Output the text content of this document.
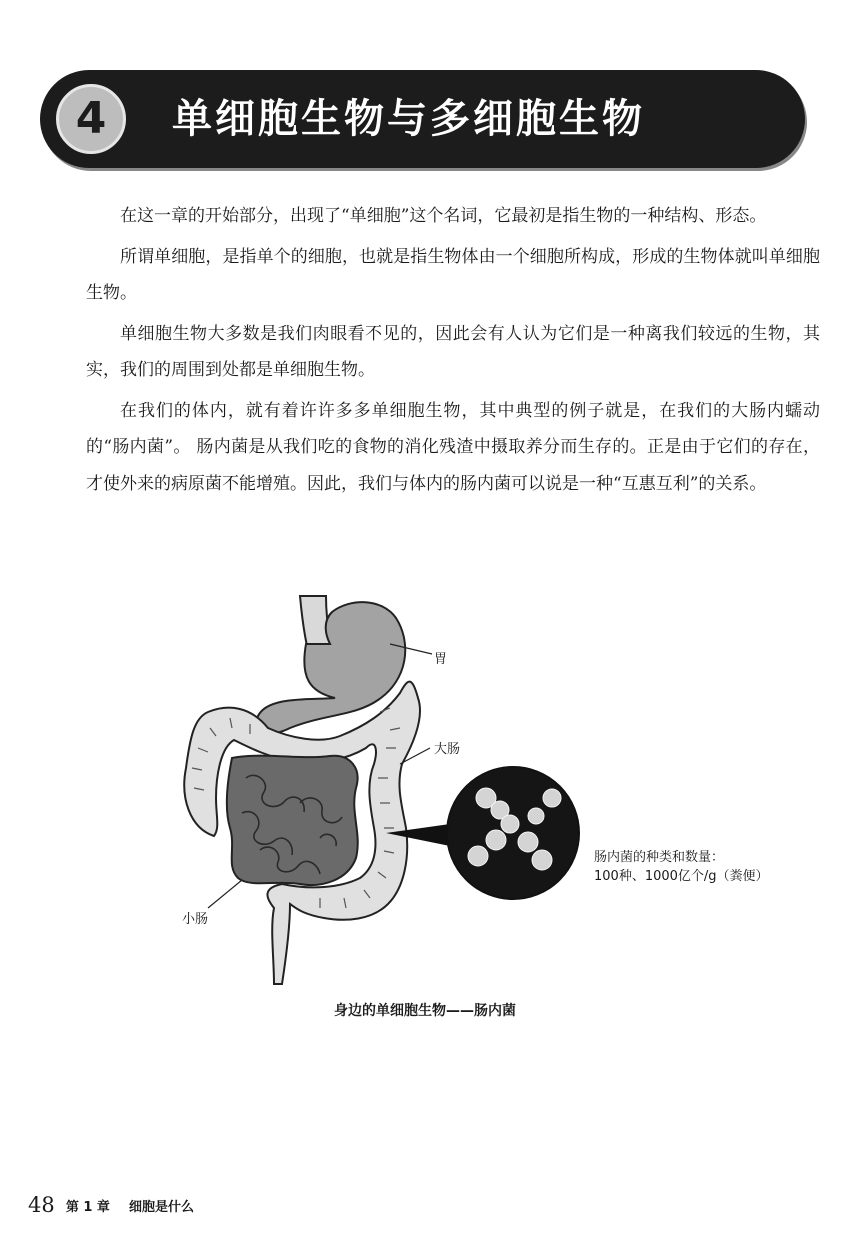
4	单细胞生物与多细胞生物

在这一章的开始部分，出现了“单细胞”这个名词，它最初是指生物的一种结构、形态。

所谓单细胞，是指单个的细胞，也就是指生物体由一个细胞所构成，形成的生物体就叫单细胞生物。

单细胞生物大多数是我们肉眼看不见的，因此会有人认为它们是一种离我们较远的生物，其实，我们的周围到处都是单细胞生物。

在我们的体内，就有着许许多多单细胞生物，其中典型的例子就是，在我们的大肠内蠕动的“肠内菌”。 肠内菌是从我们吃的食物的消化残渣中摄取养分而生存的。正是由于它们的存在，才使外来的病原菌不能增殖。因此，我们与体内的肠内菌可以说是一种“互惠互利”的关系。

胃
大肠
小肠
肠内菌的种类和数量：
100种、1000亿个/g（粪便）
身边的单细胞生物——肠内菌
48 第 1 章 细胞是什么
